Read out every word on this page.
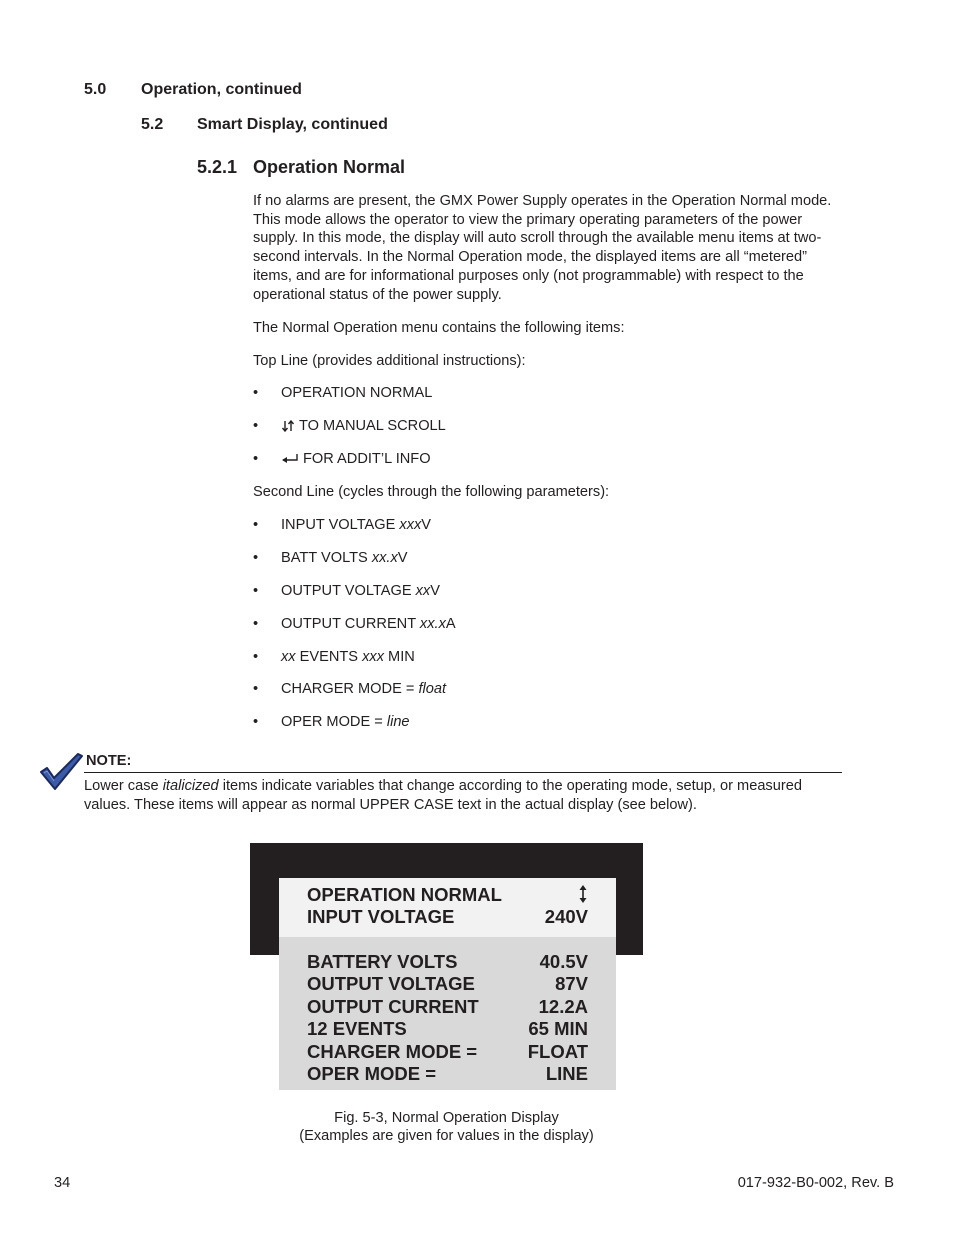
5.0 Operation, continued
5.2 Smart Display, continued
5.2.1 Operation Normal

If no alarms are present, the GMX Power Supply operates in the Operation Normal mode. This mode allows the operator to view the primary operating parameters of the power supply. In this mode, the display will auto scroll through the available menu items at two-second intervals. In the Normal Operation mode, the displayed items are all “metered” items, and are for informational purposes only (not programmable) with respect to the operational status of the power supply.

The Normal Operation menu contains the following items:

Top Line (provides additional instructions):

• OPERATION NORMAL
•	TO MANUAL SCROLL
•	FOR ADDIT’L INFO

Second Line (cycles through the following parameters):

• INPUT VOLTAGE xxxV
• BATT VOLTS xx.xV
• OUTPUT VOLTAGE xxV
• OUTPUT CURRENT xx.xA
• xx EVENTS xxx MIN
• CHARGER MODE = float
• OPER MODE = line
NOTE:

Lower case italicized items indicate variables that change according to the operating mode, setup, or measured values. These items will appear as normal UPPER CASE text in the actual display (see below).

OPERATION NORMAL
INPUT VOLTAGE	240V
BATTERY VOLTS	40.5V
OUTPUT VOLTAGE	87V
OUTPUT CURRENT	12.2A
12 EVENTS	65 MIN
CHARGER MODE =	FLOAT
OPER MODE =	LINE
Fig. 5-3, Normal Operation Display
(Examples are given for values in the display)
34	017-932-B0-002, Rev. B
